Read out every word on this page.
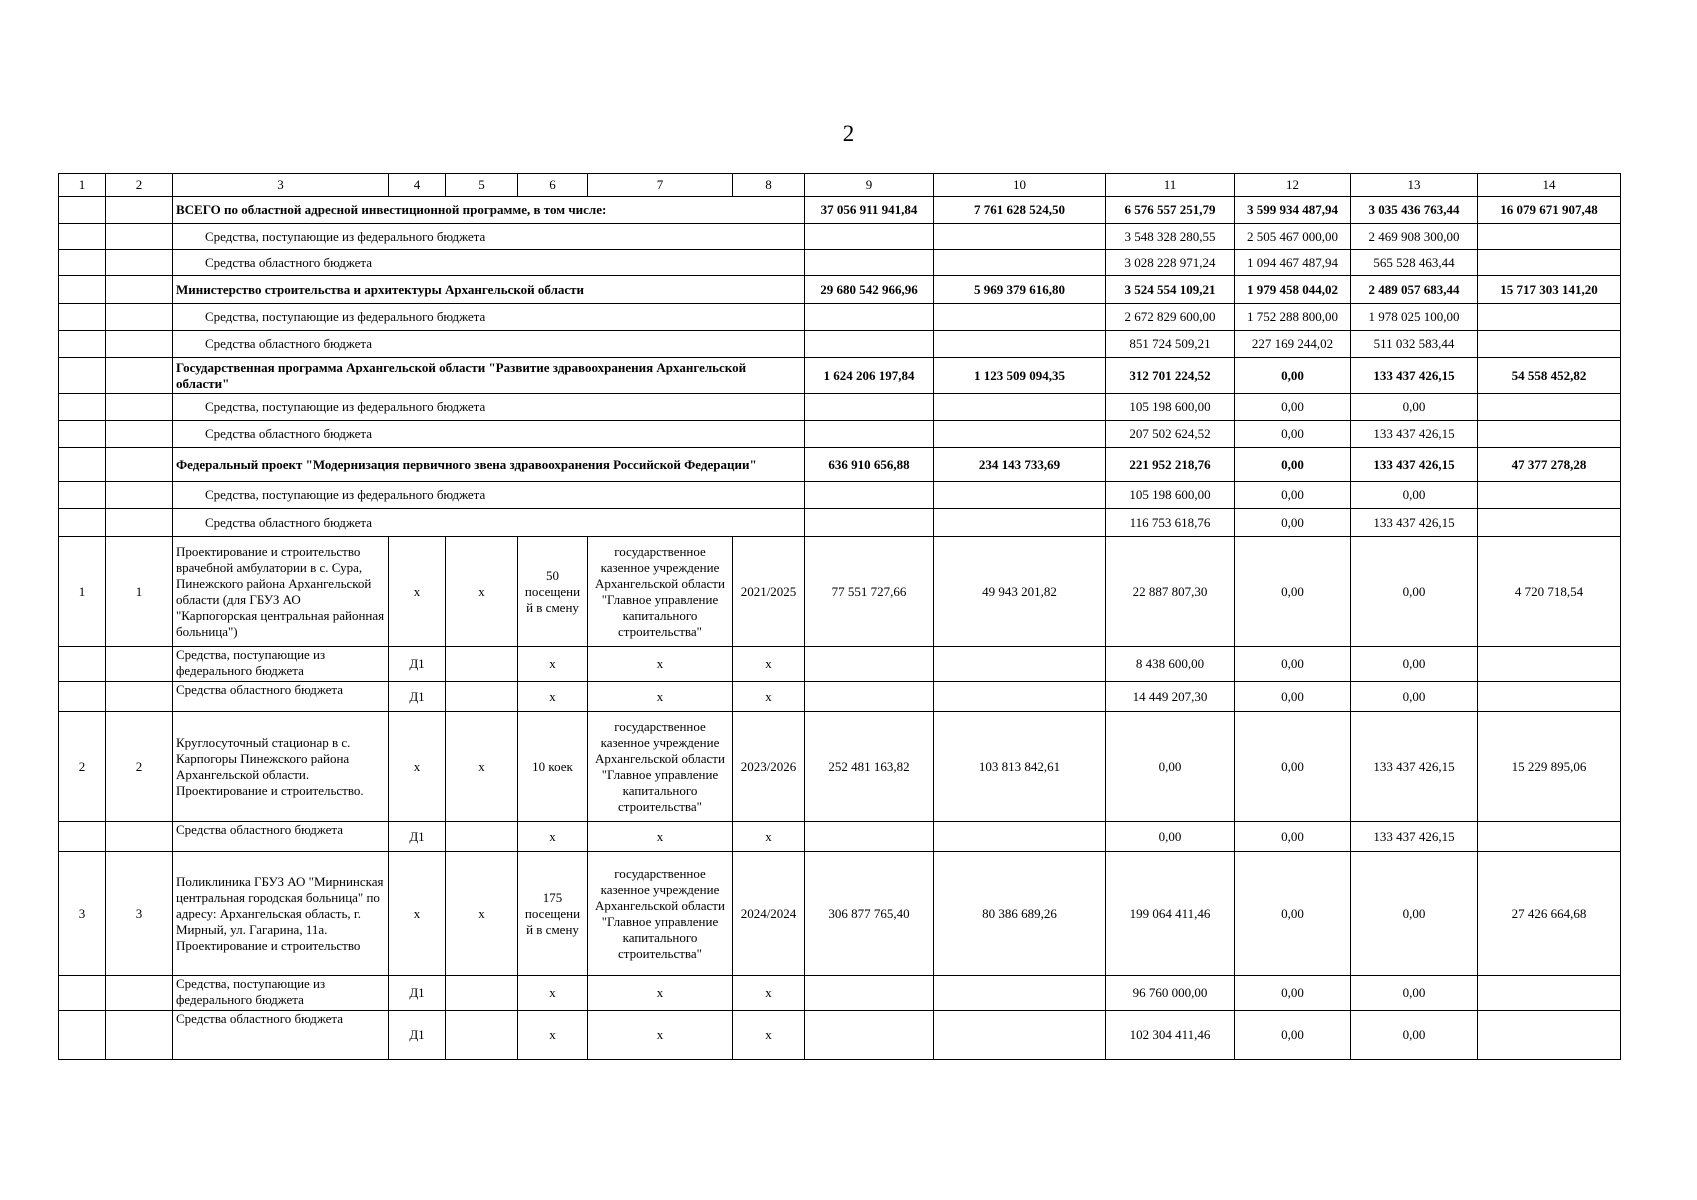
2
1	2	3	4	5	6	7	8	9	10	11	12	13	14
		ВСЕГО по областной адресной инвестиционной программе, в том числе:						37 056 911 941,84	7 761 628 524,50	6 576 557 251,79	3 599 934 487,94	3 035 436 763,44	16 079 671 907,48
		Средства, поступающие из федерального бюджета								3 548 328 280,55	2 505 467 000,00	2 469 908 300,00	
		Средства областного бюджета								3 028 228 971,24	1 094 467 487,94	565 528 463,44	
		Министерство строительства и архитектуры Архангельской области						29 680 542 966,96	5 969 379 616,80	3 524 554 109,21	1 979 458 044,02	2 489 057 683,44	15 717 303 141,20
		Средства, поступающие из федерального бюджета								2 672 829 600,00	1 752 288 800,00	1 978 025 100,00	
		Средства областного бюджета								851 724 509,21	227 169 244,02	511 032 583,44	
		Государственная программа Архангельской области "Развитие здравоохранения Архангельской области"						1 624 206 197,84	1 123 509 094,35	312 701 224,52	0,00	133 437 426,15	54 558 452,82
		Средства, поступающие из федерального бюджета								105 198 600,00	0,00	0,00	
		Средства областного бюджета								207 502 624,52	0,00	133 437 426,15	
		Федеральный проект "Модернизация первичного звена здравоохранения Российской Федерации"						636 910 656,88	234 143 733,69	221 952 218,76	0,00	133 437 426,15	47 377 278,28
		Средства, поступающие из федерального бюджета								105 198 600,00	0,00	0,00	
		Средства областного бюджета								116 753 618,76	0,00	133 437 426,15	
1	1	Проектирование и строительство врачебной амбулатории в с. Сура, Пинежского района Архангельской области (для ГБУЗ АО "Карпогорская центральная районная больница")	х	х	50 посещени й в смену	государственное казенное учреждение Архангельской области "Главное управление капитального строительства"	2021/2025	77 551 727,66	49 943 201,82	22 887 807,30	0,00	0,00	4 720 718,54
		Средства, поступающие из федерального бюджета	Д1		х	х	х			8 438 600,00	0,00	0,00	
		Средства областного бюджета	Д1		х	х	х			14 449 207,30	0,00	0,00	
2	2	Круглосуточный стационар в с. Карпогоры Пинежского района Архангельской области. Проектирование и строительство.	х	х	10 коек	государственное казенное учреждение Архангельской области "Главное управление капитального строительства"	2023/2026	252 481 163,82	103 813 842,61	0,00	0,00	133 437 426,15	15 229 895,06
		Средства областного бюджета	Д1		х	х	х			0,00	0,00	133 437 426,15	
3	3	Поликлиника ГБУЗ АО "Мирнинская центральная городская больница" по адресу: Архангельская область, г. Мирный, ул. Гагарина, 11а. Проектирование и строительство	х	х	175 посещени й в смену	государственное казенное учреждение Архангельской области "Главное управление капитального строительства"	2024/2024	306 877 765,40	80 386 689,26	199 064 411,46	0,00	0,00	27 426 664,68
		Средства, поступающие из федерального бюджета	Д1		х	х	х			96 760 000,00	0,00	0,00	
		Средства областного бюджета	Д1		х	х	х			102 304 411,46	0,00	0,00	
